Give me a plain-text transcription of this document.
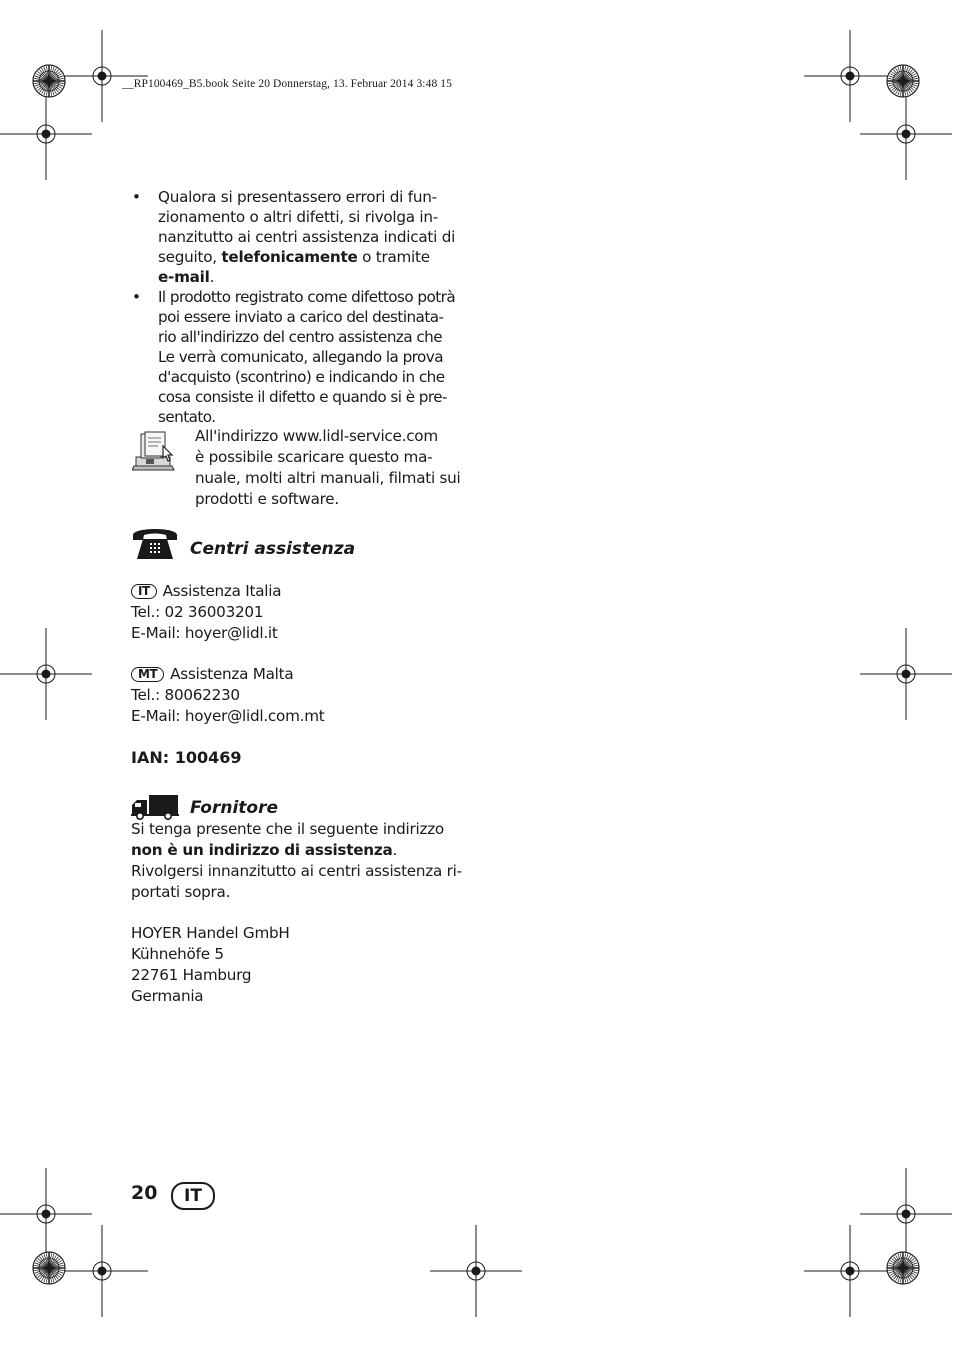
__RP100469_B5.book Seite 20 Donnerstag, 13. Februar 2014 3:48 15
• Qualora si presentassero errori di fun-
zionamento o altri difetti, si rivolga in-
nanzitutto ai centri assistenza indicati di
seguito, telefonicamente o tramite
e-mail.
• Il prodotto registrato come difettoso potrà
poi essere inviato a carico del destinata-
rio all'indirizzo del centro assistenza che
Le verrà comunicato, allegando la prova
d'acquisto (scontrino) e indicando in che
cosa consiste il difetto e quando si è pre-
sentato.
All'indirizzo www.lidl-service.com
è possibile scaricare questo ma-
nuale, molti altri manuali, filmati sui
prodotti e software.
Centri assistenza
IT Assistenza Italia
Tel.: 02 36003201
E-Mail: hoyer@lidl.it
MT Assistenza Malta
Tel.: 80062230
E-Mail: hoyer@lidl.com.mt
IAN: 100469
Fornitore
Si tenga presente che il seguente indirizzo
non è un indirizzo di assistenza.
Rivolgersi innanzitutto ai centri assistenza ri-
portati sopra.
HOYER Handel GmbH
Kühnehöfe 5
22761 Hamburg
Germania
20	IT
